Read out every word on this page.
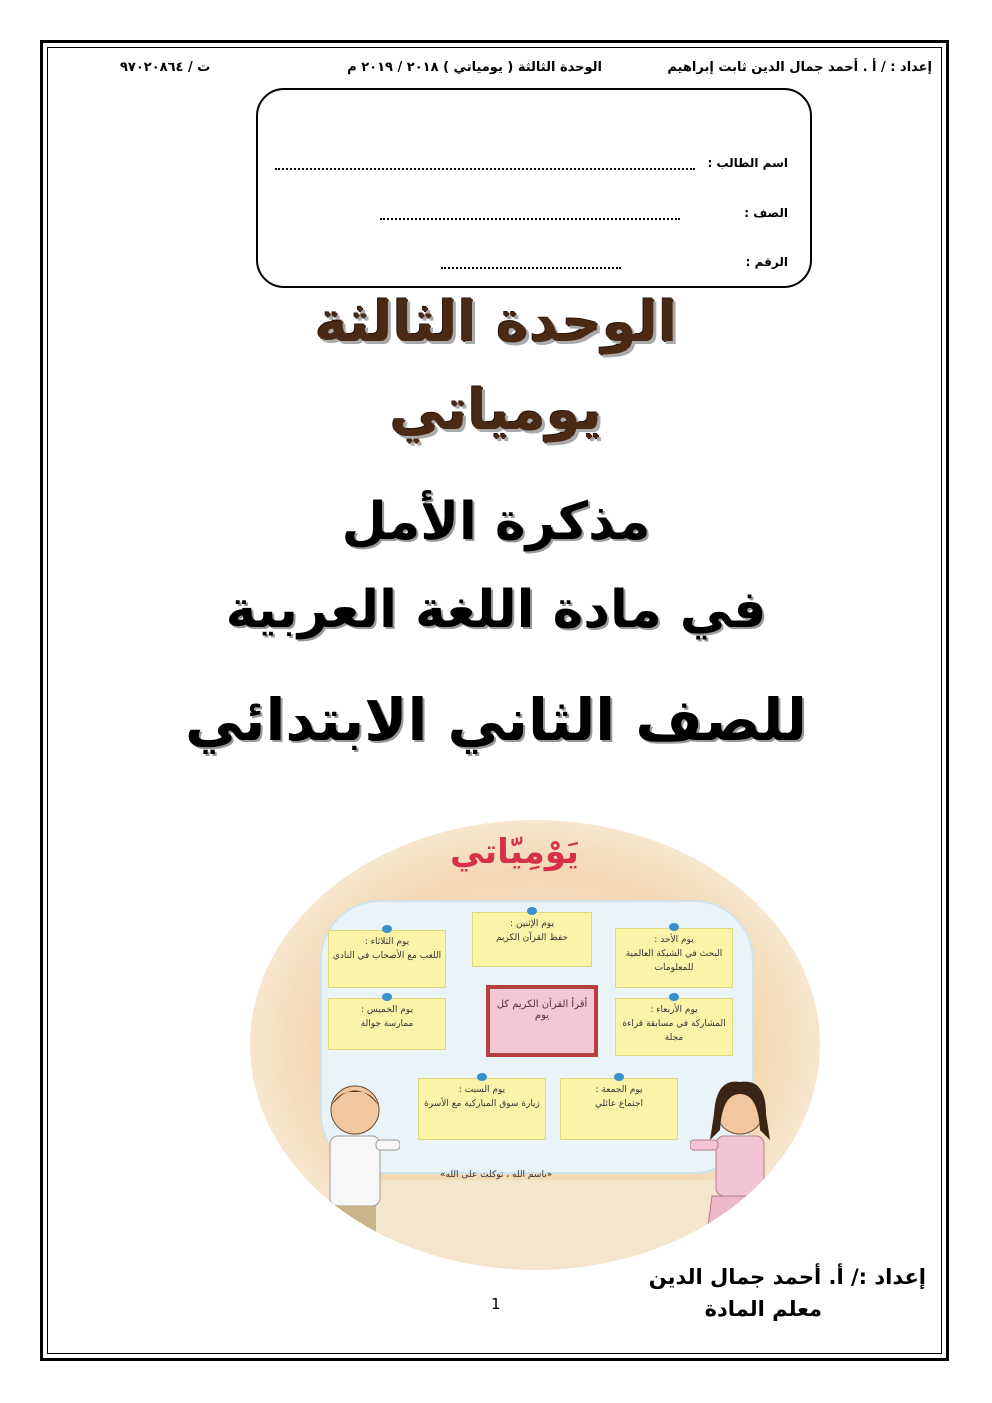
إعداد : / أ . أحمد جمال الدين ثابت إبراهيم
الوحدة الثالثة ( يومياتي ) ٢٠١٨ / ٢٠١٩ م
ت / ٩٧٠٢٠٨٦٤
اسم الطالب :
الصف :
الرقم :
الوحدة الثالثة
يومياتي
مذكرة الأمل
في مادة اللغة العربية
للصف الثاني الابتدائي
يَوْمِيّاتي
يوم الثلاثاء :
اللعب مع الأصحاب في النادي
يوم الإثنين :
حفظ القرآن الكريم	يوم الأحد :
البحث في الشبكة العالمية للمعلومات
يوم الخميس :
ممارسة جوالة
أقرأ القرآن الكريم كل يوم	يوم الأربعاء :
المشاركة في مسابقة قراءة مجلة
يوم السبت :
زيارة سوق المباركية مع الأسرة
يوم الجمعة :
اجتماع عائلي
«باسم الله ، توكلت على الله»
إعداد :/ أ. أحمد جمال الدين
معلم المادة
1
